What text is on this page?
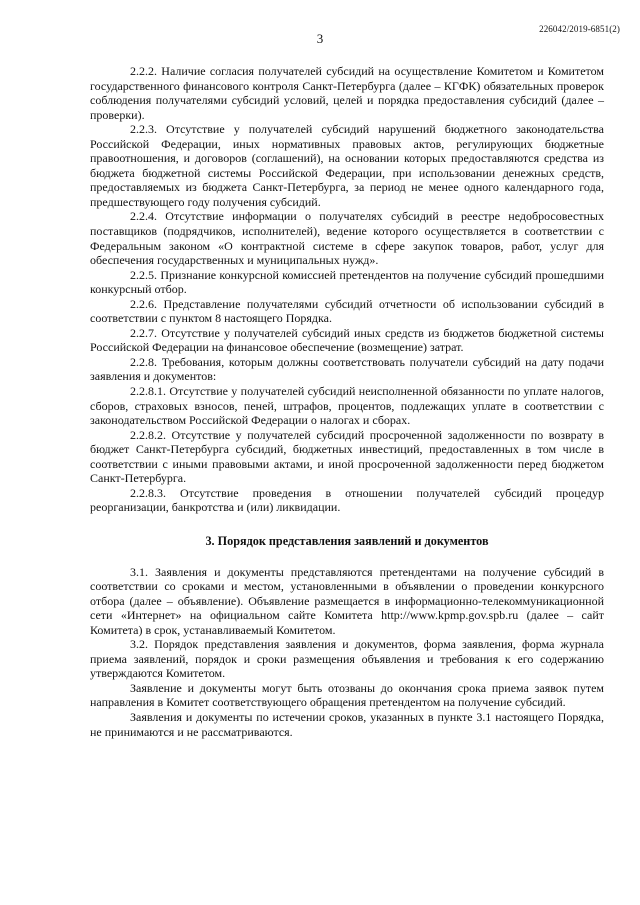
226042/2019-6851(2)
3

2.2.2. Наличие согласия получателей субсидий на осуществление Комитетом и Комитетом государственного финансового контроля Санкт-Петербурга (далее – КГФК) обязательных проверок соблюдения получателями субсидий условий, целей и порядка предоставления субсидий (далее – проверки).

2.2.3. Отсутствие у получателей субсидий нарушений бюджетного законодательства Российской Федерации, иных нормативных правовых актов, регулирующих бюджетные правоотношения, и договоров (соглашений), на основании которых предоставляются средства из бюджета бюджетной системы Российской Федерации, при использовании денежных средств, предоставляемых из бюджета Санкт-Петербурга, за период не менее одного календарного года, предшествующего году получения субсидий.

2.2.4. Отсутствие информации о получателях субсидий в реестре недобросовестных поставщиков (подрядчиков, исполнителей), ведение которого осуществляется в соответствии с Федеральным законом «О контрактной системе в сфере закупок товаров, работ, услуг для обеспечения государственных и муниципальных нужд».

2.2.5. Признание конкурсной комиссией претендентов на получение субсидий прошедшими конкурсный отбор.

2.2.6. Представление получателями субсидий отчетности об использовании субсидий в соответствии с пунктом 8 настоящего Порядка.

2.2.7. Отсутствие у получателей субсидий иных средств из бюджетов бюджетной системы Российской Федерации на финансовое обеспечение (возмещение) затрат.

2.2.8. Требования, которым должны соответствовать получатели субсидий на дату подачи заявления и документов:

2.2.8.1. Отсутствие у получателей субсидий неисполненной обязанности по уплате налогов, сборов, страховых взносов, пеней, штрафов, процентов, подлежащих уплате в соответствии с законодательством Российской Федерации о налогах и сборах.

2.2.8.2. Отсутствие у получателей субсидий просроченной задолженности по возврату в бюджет Санкт-Петербурга субсидий, бюджетных инвестиций, предоставленных в том числе в соответствии с иными правовыми актами, и иной просроченной задолженности перед бюджетом Санкт-Петербурга.

2.2.8.3. Отсутствие проведения в отношении получателей субсидий процедур реорганизации, банкротства и (или) ликвидации.

3. Порядок представления заявлений и документов

3.1. Заявления и документы представляются претендентами на получение субсидий в соответствии со сроками и местом, установленными в объявлении о проведении конкурсного отбора (далее – объявление). Объявление размещается в информационно-телекоммуникационной сети «Интернет» на официальном сайте Комитета http://www.kpmp.gov.spb.ru (далее – сайт Комитета) в срок, устанавливаемый Комитетом.

3.2. Порядок представления заявления и документов, форма заявления, форма журнала приема заявлений, порядок и сроки размещения объявления и требования к его содержанию утверждаются Комитетом.

Заявление и документы могут быть отозваны до окончания срока приема заявок путем направления в Комитет соответствующего обращения претендентом на получение субсидий.

Заявления и документы по истечении сроков, указанных в пункте 3.1 настоящего Порядка, не принимаются и не рассматриваются.
